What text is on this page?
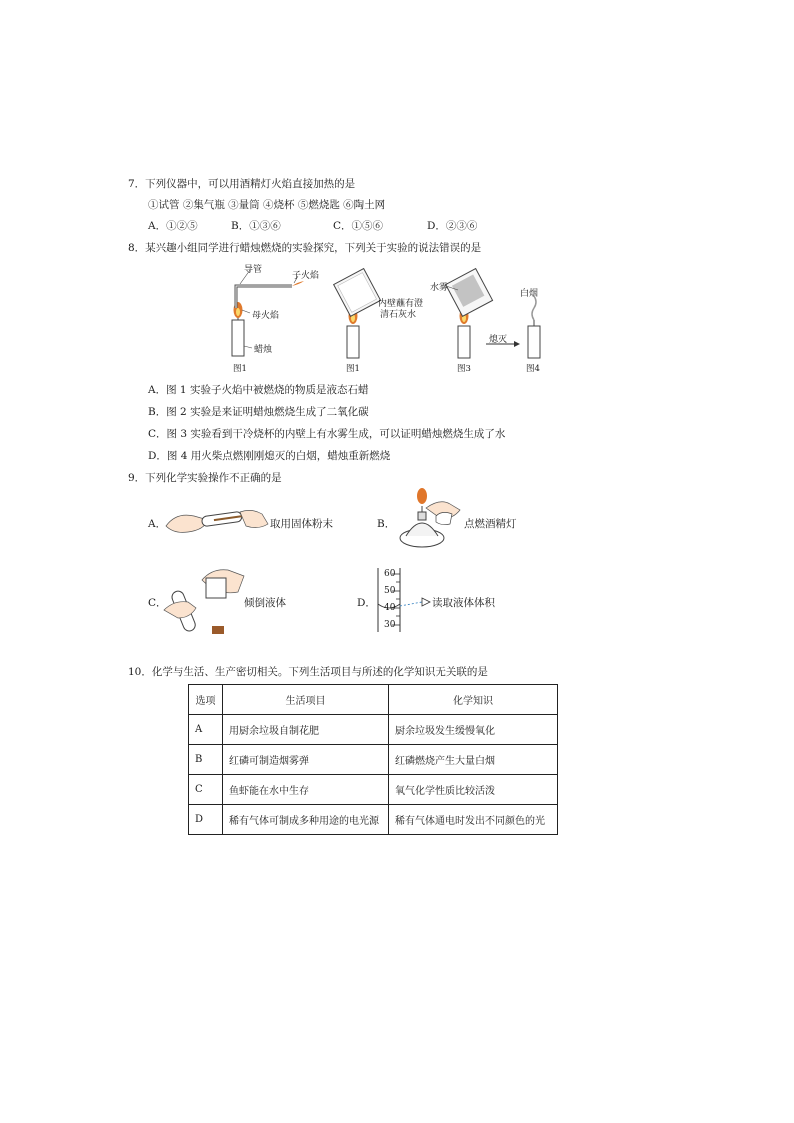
7．下列仪器中，可以用酒精灯火焰直接加热的是
①试管 ②集气瓶 ③量筒 ④烧杯 ⑤燃烧匙 ⑥陶土网
A．①②⑤	B．①③⑥	C．①⑤⑥	D．②③⑥
8．某兴趣小组同学进行蜡烛燃烧的实验探究，下列关于实验的说法错误的是
导管
子火焰
母火焰
蜡烛
内壁蘸有澄
清石灰水
水雾
白烟
熄灭
图1	图1	图3	图4
A．图 1 实验子火焰中被燃烧的物质是液态石蜡
B．图 2 实验是来证明蜡烛燃烧生成了二氧化碳
C．图 3 实验看到干冷烧杯的内壁上有水雾生成，可以证明蜡烛燃烧生成了水
D．图 4 用火柴点燃刚刚熄灭的白烟，蜡烛重新燃烧
9．下列化学实验操作不正确的是
A．	取用固体粉末	B．	点燃酒精灯
C．	倾倒液体	D．
60
50
40
30
读取液体体积
10．化学与生活、生产密切相关。下列生活项目与所述的化学知识无关联的是
选项	生活项目	化学知识
A	用厨余垃圾自制花肥	厨余垃圾发生缓慢氧化
B	红磷可制造烟雾弹	红磷燃烧产生大量白烟
C	鱼虾能在水中生存	氧气化学性质比较活泼
D	稀有气体可制成多种用途的电光源	稀有气体通电时发出不同颜色的光
